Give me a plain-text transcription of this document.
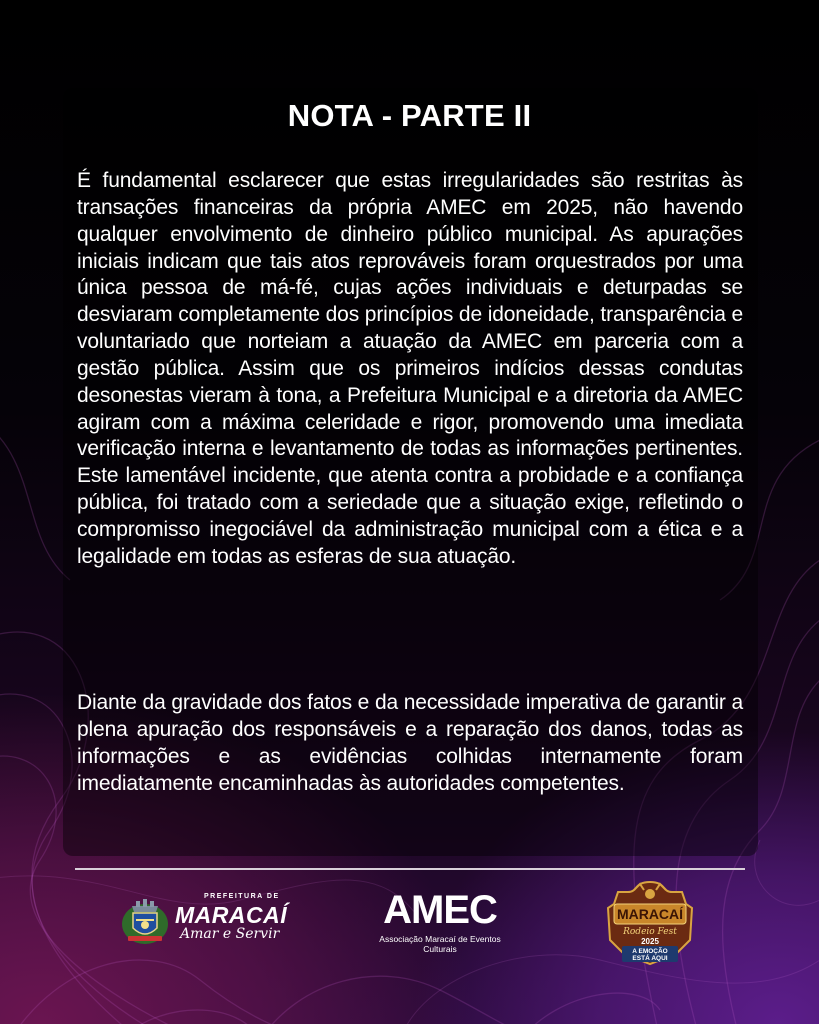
NOTA - PARTE II

É fundamental esclarecer que estas irregularidades são restritas às transações financeiras da própria AMEC em 2025, não havendo qualquer envolvimento de dinheiro público municipal. As apurações iniciais indicam que tais atos reprováveis foram orquestrados por uma única pessoa de má-fé, cujas ações individuais e deturpadas se desviaram completamente dos princípios de idoneidade, transparência e voluntariado que norteiam a atuação da AMEC em parceria com a gestão pública. Assim que os primeiros indícios dessas condutas desonestas vieram à tona, a Prefeitura Municipal e a diretoria da AMEC agiram com a máxima celeridade e rigor, promovendo uma imediata verificação interna e levantamento de todas as informações pertinentes. Este lamentável incidente, que atenta contra a probidade e a confiança pública, foi tratado com a seriedade que a situação exige, refletindo o compromisso inegociável da administração municipal com a ética e a legalidade em todas as esferas de sua atuação.

Diante da gravidade dos fatos e da necessidade imperativa de garantir a plena apuração dos responsáveis e a reparação dos danos, todas as informações e as evidências colhidas internamente foram imediatamente encaminhadas às autoridades competentes.

PREFEITURA DE
MARACAÍ
Amar e Servir
AMEC
Associação Maracaí de Eventos Culturais
MARACAÍ
Rodeio Fest
2025
A EMOÇÃO
ESTÁ AQUI
